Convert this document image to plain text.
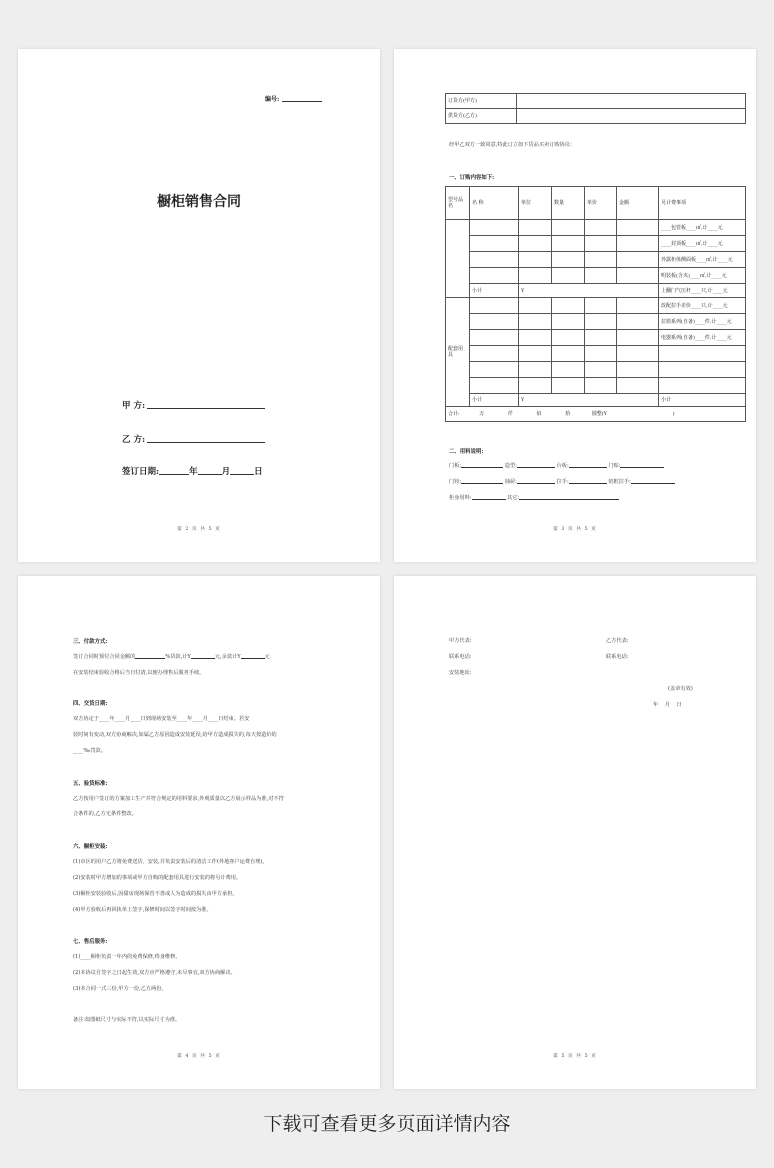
编号:
橱柜销售合同
甲 方:
乙 方:
签订日期:	年	月	日
第 2 页 共 5 页
订货方(甲方)	
供货方(乙方)	
经甲乙双方一致同意,特此订立如下货品买卖订购协议:
一、订购内容如下:
型号品名	名 称	单位	数量	单价	金额	另计费事项
						____包管板____㎡,计____元
						____封顶板____㎡,计____元
						外露柜体侧面板____㎡,计____元
						明装板(含夹)____㎡,计____元
	小计	Y				上翻门气压杆____只,计____元
配套用具						改配拉手差价____只,计____元
						拉篮系列(自备)____件,计____元
						电器系列(自备)____件,计____元

	小计	Y				小计
合计: 万 仟 佰 拾 圆整(Y )						
二、用料说明:
门板:	造型:	台板:	门贴:
门铰:	抽屉:	拉手:	铝框拉手:
柜身用料:	其它:
第 3 页 共 5 页
三、付款方式:
签订合同时预付合同金额的	%货款,计Y	元,余款计Y	元
在安装结束验收合格后当日付清,以便办理售后服务手续。
四、交货日期:
双方协定于____年____月____日到现场安装至____年____月____日结束。若安
装时间有变动,双方协商解决,如属乙方原因造成安装延误,给甲方造成损失的,每天按造价的
____‰罚款。
五、验货标准:
乙方按用户签订的方案加工生产并符合规定的用料要求,外观质量以乙方展示样品为准,对不符
合条件的,乙方无条件整改。
六、橱柜安装:
(1)市区的用户乙方将免费送货、安装,并负责安装后的清洁工作(外地客户运费自理)。
(2)安装时甲方增加的事项或甲方自购的配套用具进行安装的将另计费用。
(3)橱柜安装验收后,因甜房现场保管不善或人为造成的损失由甲方承担。
(4)甲方验收后再回执单上签字,保修时间以签字时间按为准。
七、售后服务:
(1)____橱柜负责一年内的免费保修,终身维修。
(2)本协议自签字之日起生效,双方应严格遵守,未尽事宜,双方协商解决。
(3)本合同一式三份,甲方一份,乙方两份。
备注:如图纸尺寸与实际不符,以实际尺寸为准。
第 4 页 共 5 页
甲方代表:	乙方代表:
联系电话:	联系电话:
安装地址:
(盖章有效)
年    月    日
第 5 页 共 5 页
下载可查看更多页面详情内容
